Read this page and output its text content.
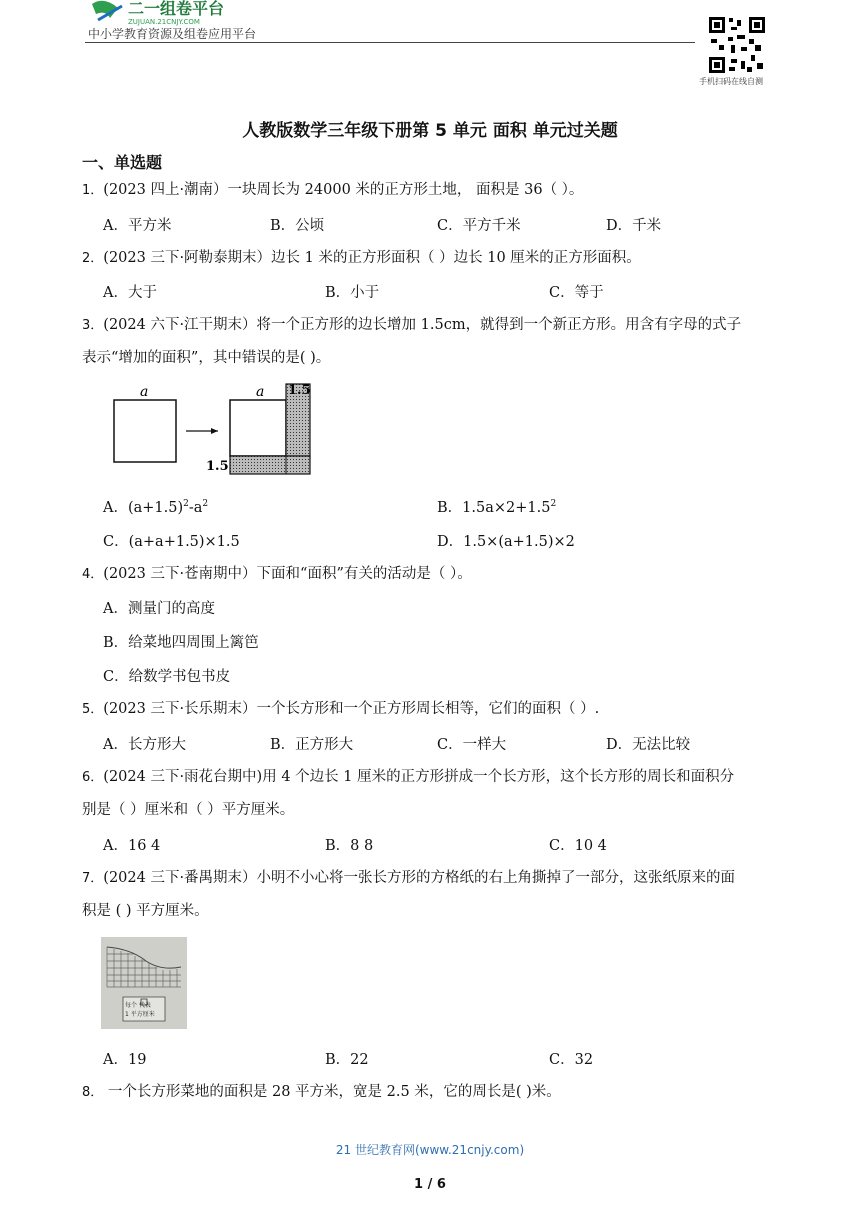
二一组卷平台
ZUJUAN.21CNJY.COM
中小学教育资源及组卷应用平台
手机扫码在线自测
人教版数学三年级下册第 5 单元 面积 单元过关题
一、单选题
1．(2023 四上·潮南）一块周长为 24000 米的正方形土地， 面积是 36（ ）。
A．平方米	B．公顷	C．平方千米	D．千米
2．(2023 三下·阿勒泰期末）边长 1 米的正方形面积（ ）边长 10 厘米的正方形面积。
A．大于	B．小于	C．等于
3．(2024 六下·江干期末）将一个正方形的边长增加 1.5cm，就得到一个新正方形。用含有字母的式子
表示“增加的面积”，其中错误的是( )。
a	a 1.5
1.5
A．$(a+1.5)^2-a^2$	B．$1.5a\times 2+1.5^2$
C．(a+a+1.5)×1.5	D．1.5×(a+1.5)×2
4．(2023 三下·苍南期中）下面和“面积”有关的活动是（ ）。
A．测量门的高度
B．给菜地四周围上篱笆
C．给数学书包书皮
5．(2023 三下·长乐期末）一个长方形和一个正方形周长相等，它们的面积（ ）.
A．长方形大	B．正方形大	C．一样大	D．无法比较
6．(2024 三下·雨花台期中)用 4 个边长 1 厘米的正方形拼成一个长方形，这个长方形的周长和面积分
别是（ ）厘米和（ ）平方厘米。
A．16 4	B．8 8	C．10 4
7．(2024 三下·番禺期末）小明不小心将一张长方形的方格纸的右上角撕掉了一部分，这张纸原来的面
积是 ( ) 平方厘米。
每个 代表
1 平方厘米
A．19	B．22	C．32
8． 一个长方形菜地的面积是 28 平方米，宽是 2.5 米，它的周长是( )米。
21 世纪教育网(www.21cnjy.com)
1 / 6
